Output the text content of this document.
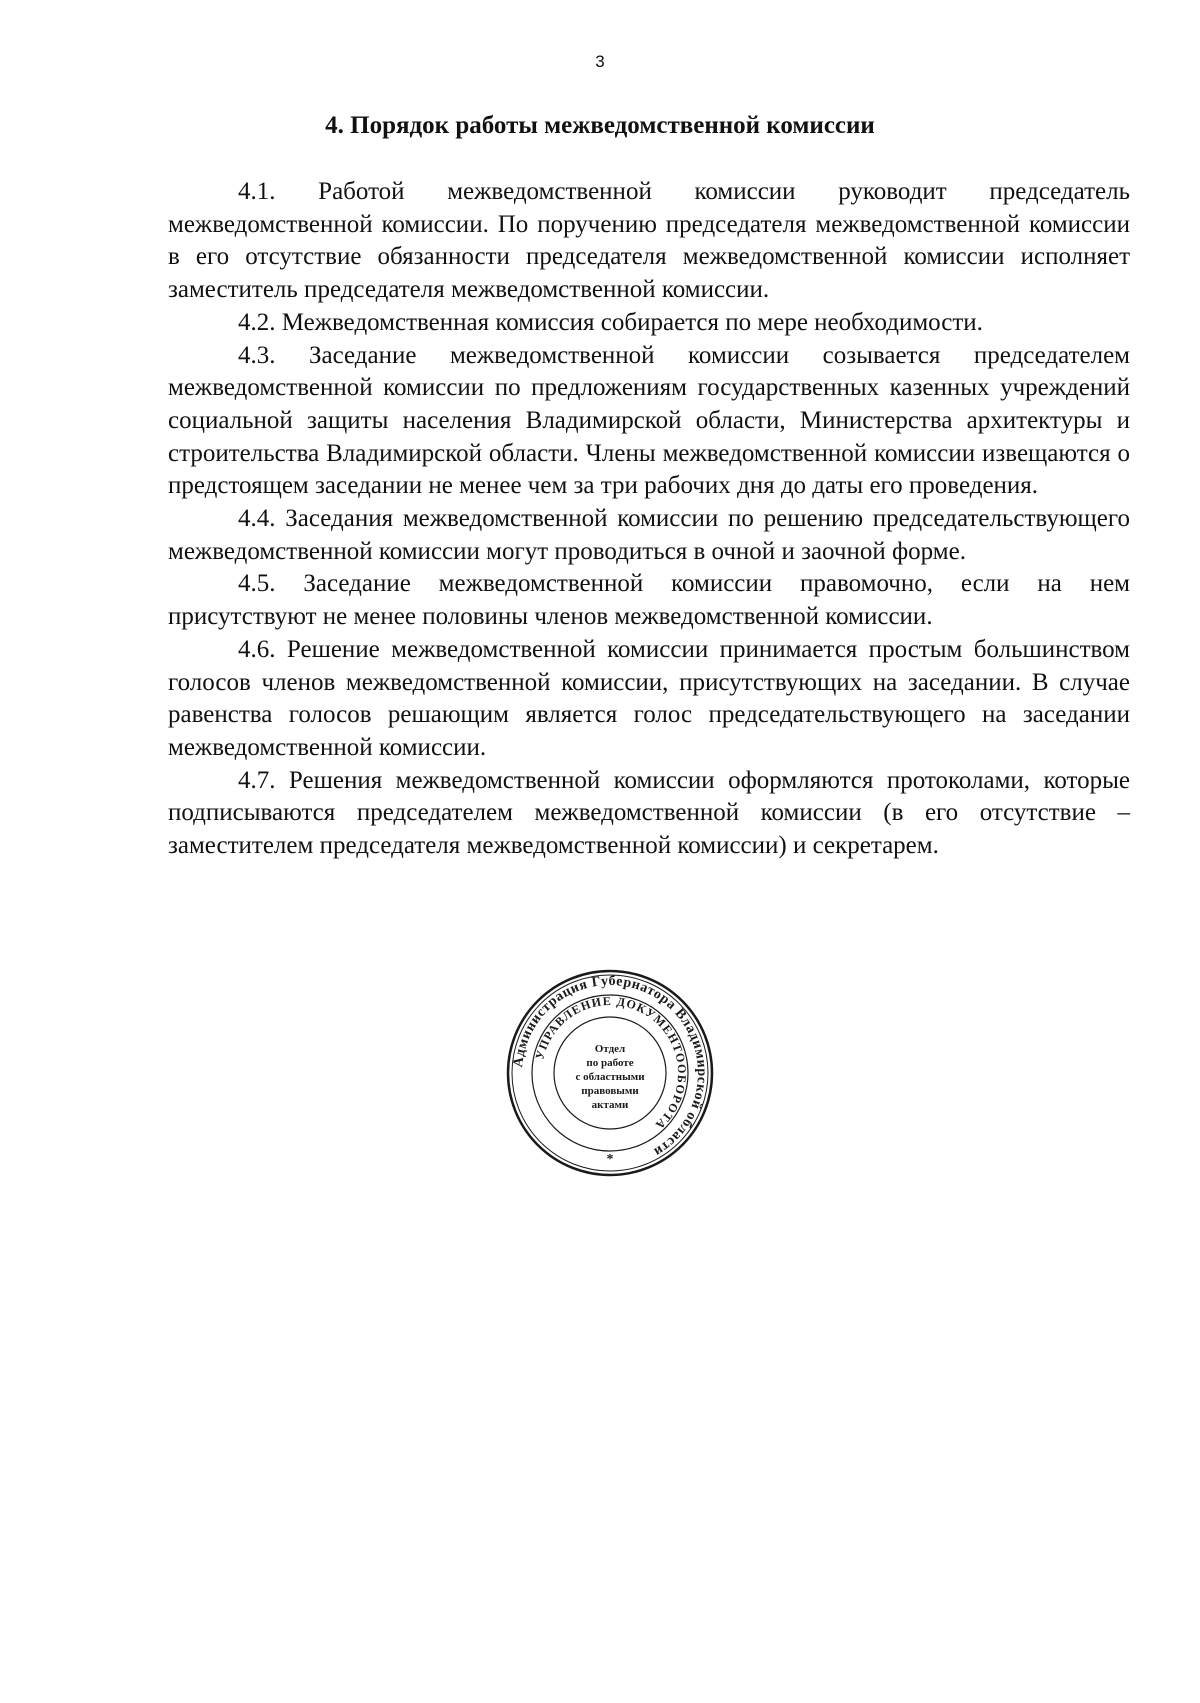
3
4. Порядок работы межведомственной комиссии

4.1. Работой межведомственной комиссии руководит председатель межведомственной комиссии. По поручению председателя межведомственной комиссии в его отсутствие обязанности председателя межведомственной комиссии исполняет заместитель председателя межведомственной комиссии.

4.2. Межведомственная комиссия собирается по мере необходимости.

4.3. Заседание межведомственной комиссии созывается председателем межведомственной комиссии по предложениям государственных казенных учреждений социальной защиты населения Владимирской области, Министерства архитектуры и строительства Владимирской области. Члены межведомственной комиссии извещаются о предстоящем заседании не менее чем за три рабочих дня до даты его проведения.

4.4. Заседания межведомственной комиссии по решению председательствующего межведомственной комиссии могут проводиться в очной и заочной форме.

4.5. Заседание межведомственной комиссии правомочно, если на нем присутствуют не менее половины членов межведомственной комиссии.

4.6. Решение межведомственной комиссии принимается простым большинством голосов членов межведомственной комиссии, присутствующих на заседании. В случае равенства голосов решающим является голос председательствующего на заседании межведомственной комиссии.

4.7. Решения межведомственной комиссии оформляются протоколами, которые подписываются председателем межведомственной комиссии (в его отсутствие – заместителем председателя межведомственной комиссии) и секретарем.

Администрация Губернатора Владимирской области
УПРАВЛЕНИЕ ДОКУМЕНТООБОРОТА
Отдел
по работе
с областными
правовыми
актами
*
